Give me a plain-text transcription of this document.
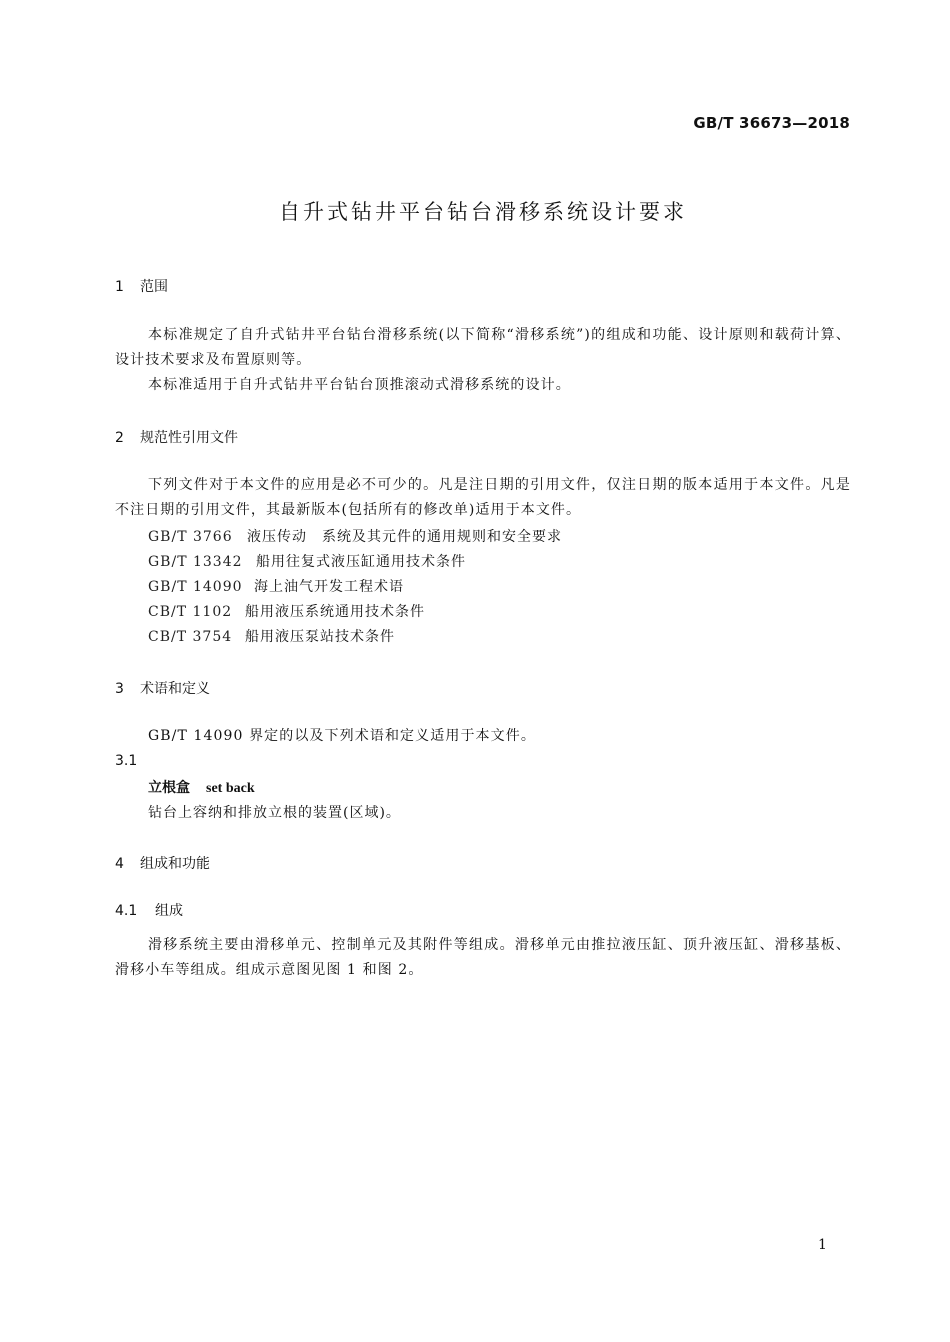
GB/T 36673—2018
自升式钻井平台钻台滑移系统设计要求
1 范围
本标准规定了自升式钻井平台钻台滑移系统(以下简称“滑移系统”)的组成和功能、设计原则和载荷计算、设计技术要求及布置原则等。
本标准适用于自升式钻井平台钻台顶推滚动式滑移系统的设计。
2 规范性引用文件
下列文件对于本文件的应用是必不可少的。凡是注日期的引用文件，仅注日期的版本适用于本文件。凡是不注日期的引用文件，其最新版本(包括所有的修改单)适用于本文件。
GB/T 3766 液压传动　系统及其元件的通用规则和安全要求
GB/T 13342 船用往复式液压缸通用技术条件
GB/T 14090 海上油气开发工程术语
CB/T 1102 船用液压系统通用技术条件
CB/T 3754 船用液压泵站技术条件
3 术语和定义
GB/T 14090 界定的以及下列术语和定义适用于本文件。
3.1
立根盒 set back
钻台上容纳和排放立根的装置(区域)。
4 组成和功能
4.1 组成
滑移系统主要由滑移单元、控制单元及其附件等组成。滑移单元由推拉液压缸、顶升液压缸、滑移基板、滑移小车等组成。组成示意图见图 1 和图 2。
1
